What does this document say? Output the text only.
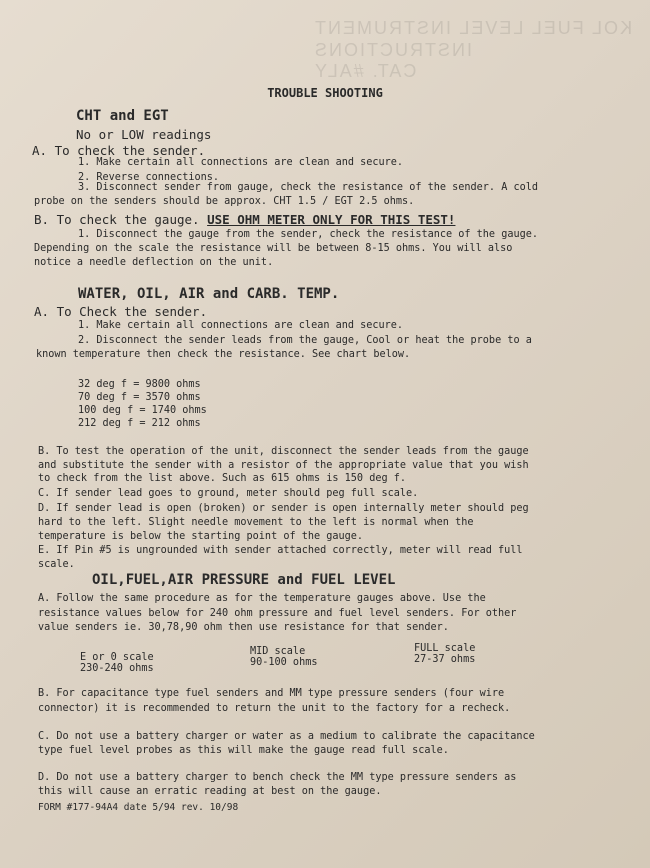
KOL FUEL LEVEL INSTRUMENT
INSTRUCTIONS
CAT. #ALY
TROUBLE SHOOTING
CHT and EGT
No or LOW readings
A. To check the sender.
1. Make certain all connections are clean and secure.
2. Reverse connections.
3. Disconnect sender from gauge, check the resistance of the sender. A cold
probe on the senders should be approx. CHT 1.5 / EGT 2.5 ohms.
B. To check the gauge. USE OHM METER ONLY FOR THIS TEST!
1. Disconnect the gauge from the sender, check the resistance of the gauge.
Depending on the scale the resistance will be between 8-15 ohms. You will also
notice a needle deflection on the unit.
WATER, OIL, AIR and CARB. TEMP.
A. To Check the sender.
1. Make certain all connections are clean and secure.
2. Disconnect the sender leads from the gauge, Cool or heat the probe to a
known temperature then check the resistance. See chart below.
32 deg f = 9800 ohms
70 deg f = 3570 ohms
100 deg f = 1740 ohms
212 deg f = 212 ohms
B. To test the operation of the unit, disconnect the sender leads from the gauge
and substitute the sender with a resistor of the appropriate value that you wish
to check from the list above. Such as 615 ohms is 150 deg f.
C. If sender lead goes to ground, meter should peg full scale.
D. If sender lead is open (broken) or sender is open internally meter should peg
hard to the left. Slight needle movement to the left is normal when the
temperature is below the starting point of the gauge.
E. If Pin #5 is ungrounded with sender attached correctly, meter will read full
scale.
OIL,FUEL,AIR PRESSURE and FUEL LEVEL
A. Follow the same procedure as for the temperature gauges above. Use the
resistance values below for 240 ohm pressure and fuel level senders. For other
value senders ie. 30,78,90 ohm then use resistance for that sender.
E or 0 scale
230-240 ohms
MID scale
90-100 ohms
FULL scale
27-37 ohms
B. For capacitance type fuel senders and MM type pressure senders (four wire
connector) it is recommended to return the unit to the factory for a recheck.
C. Do not use a battery charger or water as a medium to calibrate the capacitance
type fuel level probes as this will make the gauge read full scale.
D. Do not use a battery charger to bench check the MM type pressure senders as
this will cause an erratic reading at best on the gauge.
FORM #177-94A4 date 5/94 rev. 10/98
